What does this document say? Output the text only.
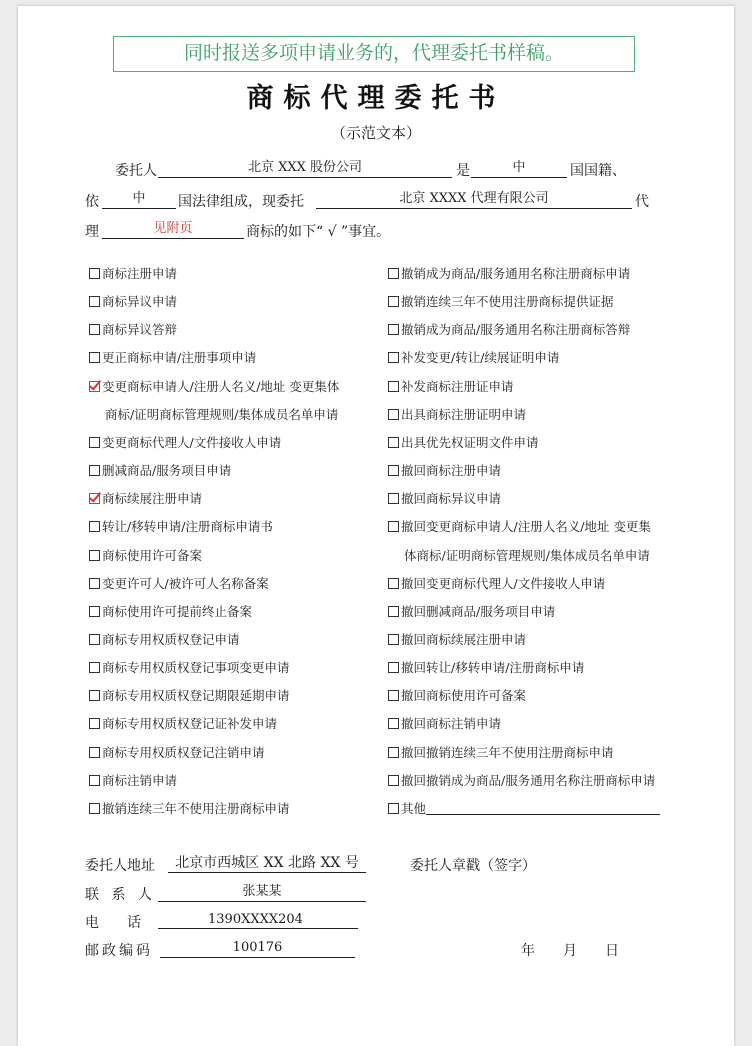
同时报送多项申请业务的，代理委托书样稿。
商标代理委托书
（示范文本）
委托人	北京 XXX 股份公司	是	中	国国籍、
依	中	国法律组成，现委托	北京 XXXX 代理有限公司	代
理	见附页	商标的如下“ √ ”事宜。
商标注册申请
商标异议申请
商标异议答辩
更正商标申请/注册事项申请
变更商标申请人/注册人名义/地址 变更集体
商标/证明商标管理规则/集体成员名单申请
变更商标代理人/文件接收人申请
删减商品/服务项目申请
商标续展注册申请
转让/移转申请/注册商标申请书
商标使用许可备案
变更许可人/被许可人名称备案
商标使用许可提前终止备案
商标专用权质权登记申请
商标专用权质权登记事项变更申请
商标专用权质权登记期限延期申请
商标专用权质权登记证补发申请
商标专用权质权登记注销申请
商标注销申请
撤销连续三年不使用注册商标申请
撤销成为商品/服务通用名称注册商标申请
撤销连续三年不使用注册商标提供证据
撤销成为商品/服务通用名称注册商标答辩
补发变更/转让/续展证明申请
补发商标注册证申请
出具商标注册证明申请
出具优先权证明文件申请
撤回商标注册申请
撤回商标异议申请
撤回变更商标申请人/注册人名义/地址 变更集
体商标/证明商标管理规则/集体成员名单申请
撤回变更商标代理人/文件接收人申请
撤回删减商品/服务项目申请
撤回商标续展注册申请
撤回转让/移转申请/注册商标申请
撤回商标使用许可备案
撤回商标注销申请
撤回撤销连续三年不使用注册商标申请
撤回撤销成为商品/服务通用名称注册商标申请
其他
委托人地址	北京市西城区 XX 北路 XX 号	委托人章戳（签字）
联 系 人	张某某
电　　话	1390XXXX204
邮政编码	100176	年　　月　　日
